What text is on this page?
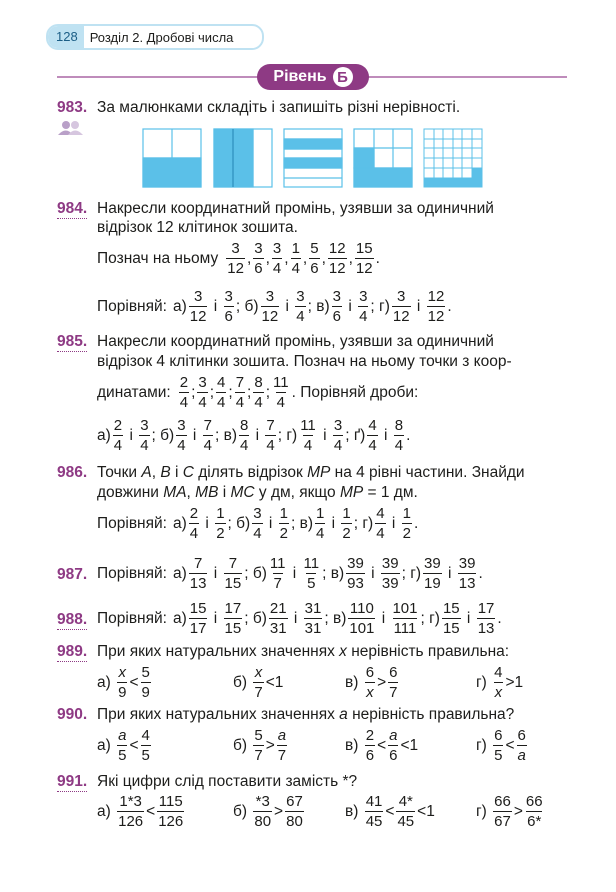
128 Розділ 2. Дробові числа
Рівень Б
983. За малюнками складіть і запишіть різні нерівності.
984. Накресли координатний промінь, узявши за одиничний
відрізок 12 клітинок зошита.
Познач на ньому
3
12
,
3
6
,
3
4
,
1
4
,
5
6
,
12
12
,
15
12
.
Порівняй: а)
3
12
і
3
6
; б)
3
12
і
3
4
; в)
3
6
і
3
4
; г)
3
12
і
12
12
.
985. Накресли координатний промінь, узявши за одиничний
відрізок 4 клітинки зошита. Познач на ньому точки з коор-
динатами:
2
4
;
3
4
;
4
4
;
7
4
;
8
4
;
11
4
. Порівняй дроби:
а)
2
4
і
3
4
; б)
3
4
і
7
4
; в)
8
4
і
7
4
; г)
11
4
і
3
4
; ґ)
4
4
і
8
4
.
986. Точки A, B і C ділять відрізок MP на 4 рівні частини. Знайди
довжини MA, MB і MC у дм, якщо MP = 1 дм.
Порівняй: а)
2
4
і
1
2
; б)
3
4
і
1
2
; в)
1
4
і
1
2
; г)
4
4
і
1
2
.
987. Порівняй: а)
7
13
і
7
15
; б)
11
7
і
11
5
; в)
39
93
і
39
39
; г)
39
19
і
39
13
.
988. Порівняй: а)
15
17
і
17
15
; б)
21
31
і
31
31
; в)
110
101
і
101
111
; г)
15
15
і
17
13
.
989. При яких натуральних значеннях x нерівність правильна:
а)

x
9
<
5
9
б)

x
7
<1	в)

6
x
>
6
7
г)

4
x
>1
990. При яких натуральних значеннях a нерівність правильна?
а)

a
5
<
4
5
б)

5
7
>
a
7
в)

2
6
<
a
6
<1	г)

6
5
<
6
a
991. Які цифри слід поставити замість *?
а)

1*3
126
<
115
126
б)

*3
80
>
67
80
в)

41
45
<
4*
45
<1	г)

66
67
>
66
6*
